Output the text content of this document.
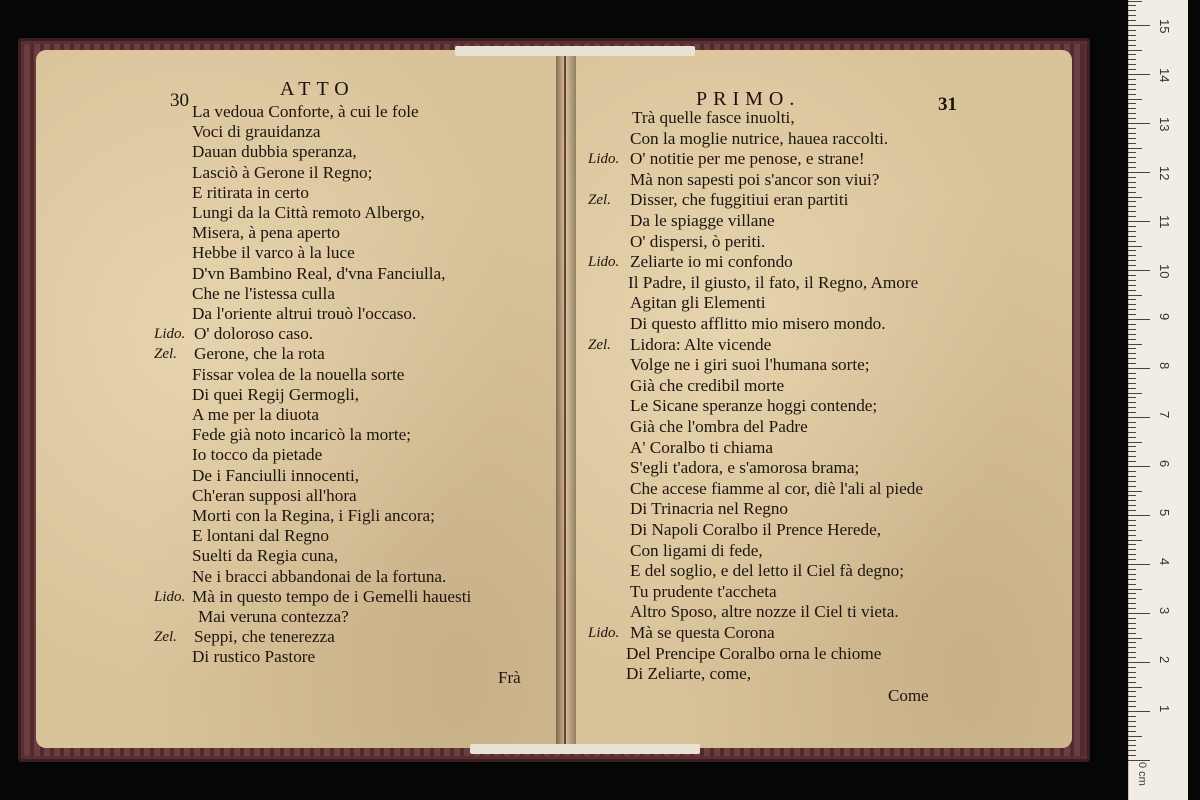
30
ATTO
La vedoua Conforte, à cui le fole
Voci di grauidanza
Dauan dubbia speranza,
Lasciò à Gerone il Regno;
E ritirata in certo
Lungi da la Città remoto Albergo,
Misera, à pena aperto
Hebbe il varco à la luce
D'vn Bambino Real, d'vna Fanciulla,
Che ne l'istessa culla
Da l'oriente altrui trouò l'occaso.
Lido. O' doloroso caso.
Zel. Gerone, che la rota
Fissar volea de la nouella sorte
Di quei Regij Germogli,
A me per la diuota
Fede già noto incaricò la morte;
Io tocco da pietade
De i Fanciulli innocenti,
Ch'eran supposi all'hora
Morti con la Regina, i Figli ancora;
E lontani dal Regno
Suelti da Regia cuna,
Ne i bracci abbandonai de la fortuna.
Lido. Mà in questo tempo de i Gemelli hauesti
Mai veruna contezza?
Zel. Seppi, che tenerezza
Di rustico Pastore
Frà
PRIMO.	31
Trà quelle fasce inuolti,
Con la moglie nutrice, hauea raccolti.
Lido. O' notitie per me penose, e strane!
Mà non sapesti poi s'ancor son viui?
Zel. Disser, che fuggitiui eran partiti
Da le spiagge villane
O' dispersi, ò periti.
Lido. Zeliarte io mi confondo
Il Padre, il giusto, il fato, il Regno, Amore
Agitan gli Elementi
Di questo afflitto mio misero mondo.
Zel. Lidora: Alte vicende
Volge ne i giri suoi l'humana sorte;
Già che credibil morte
Le Sicane speranze hoggi contende;
Già che l'ombra del Padre
A' Coralbo ti chiama
S'egli t'adora, e s'amorosa brama;
Che accese fiamme al cor, diè l'ali al piede
Di Trinacria nel Regno
Di Napoli Coralbo il Prence Herede,
Con ligami di fede,
E del soglio, e del letto il Ciel fà degno;
Tu prudente t'accheta
Altro Sposo, altre nozze il Ciel ti vieta.
Lido. Mà se questa Corona
Del Prencipe Coralbo orna le chiome
Di Zeliarte, come,
Come
1
2
3
4
5
6
7
8
9
10
11
12
13
14
15
0 cm
